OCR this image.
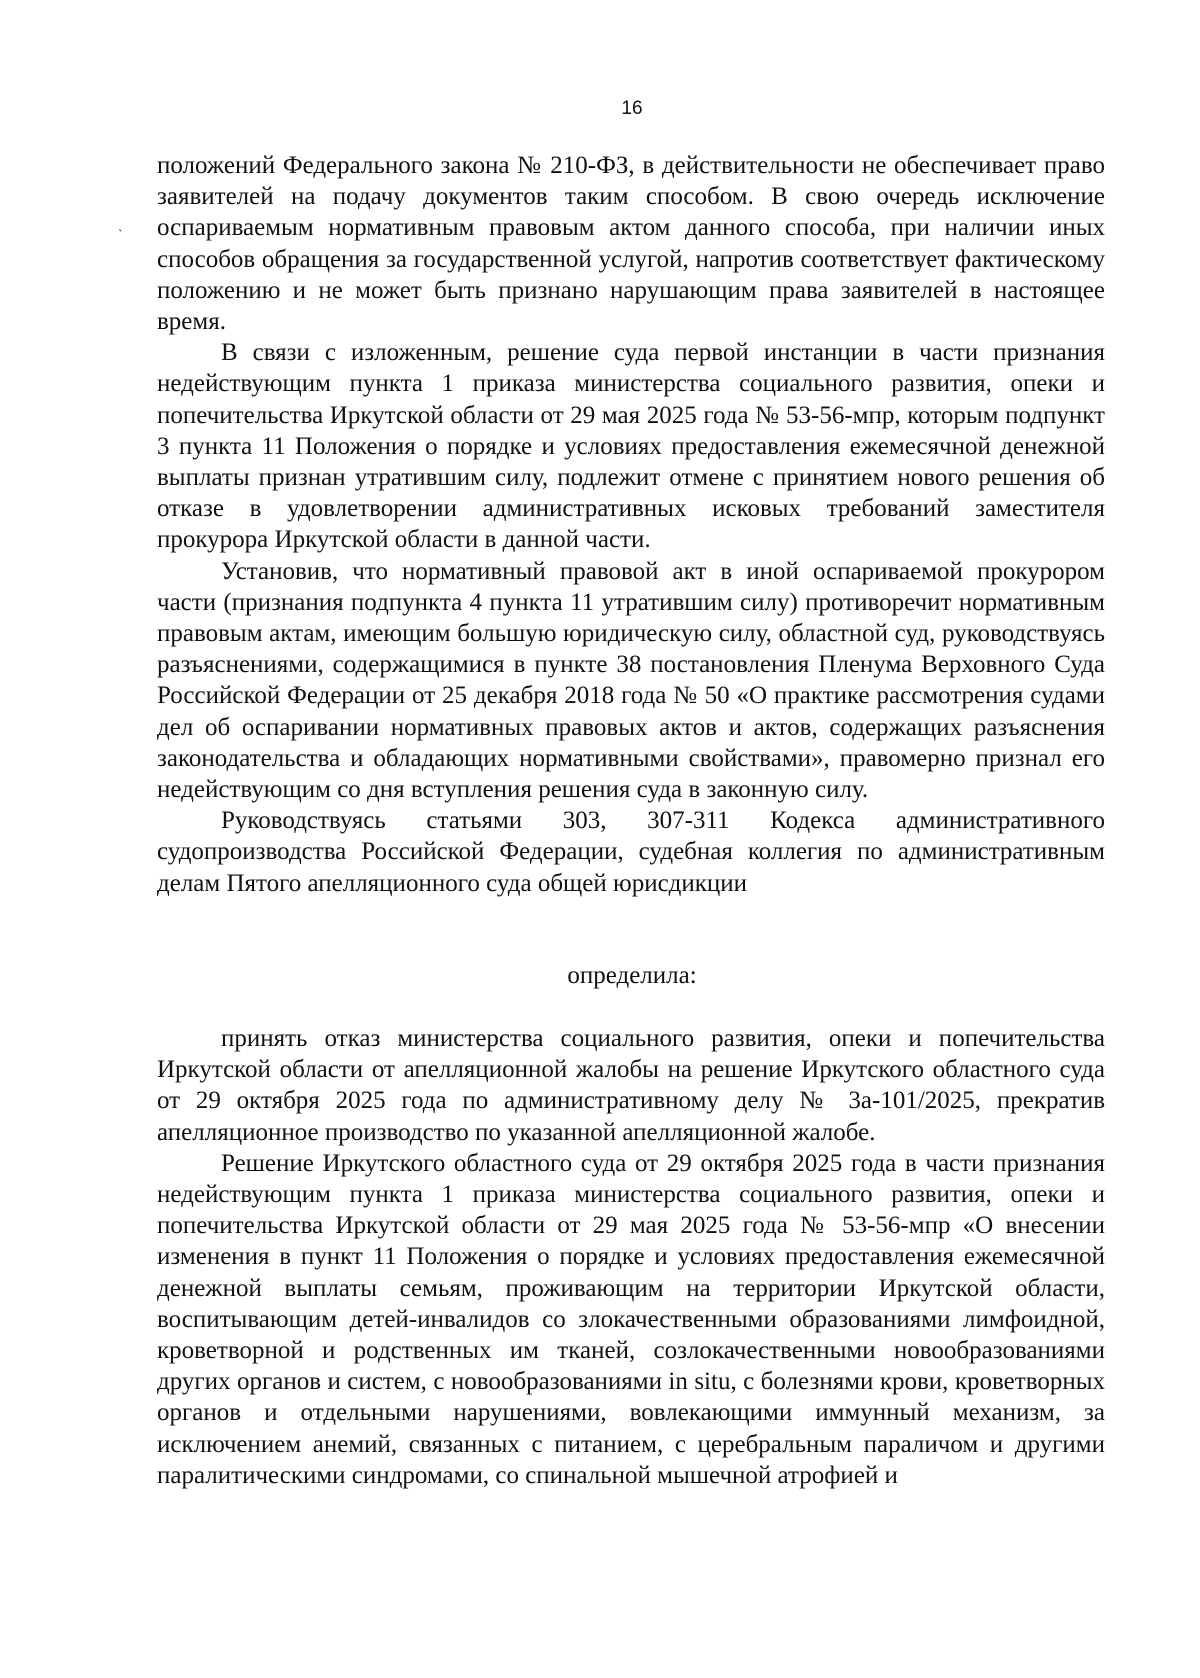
16
`

положений Федерального закона № 210-ФЗ, в действительности не обеспечивает право заявителей на подачу документов таким способом. В свою очередь исключение оспариваемым нормативным правовым актом данного способа, при наличии иных способов обращения за государственной услугой, напротив соответствует фактическому положению и не может быть признано нарушающим права заявителей в настоящее время.

В связи с изложенным, решение суда первой инстанции в части признания недействующим пункта 1 приказа министерства социального развития, опеки и попечительства Иркутской области от 29 мая 2025 года № 53-56-мпр, которым подпункт 3 пункта 11 Положения о порядке и условиях предоставления ежемесячной денежной выплаты признан утратившим силу, подлежит отмене с принятием нового решения об отказе в удовлетворении административных исковых требований заместителя прокурора Иркутской области в данной части.

Установив, что нормативный правовой акт в иной оспариваемой прокурором части (признания подпункта 4 пункта 11 утратившим силу) противоречит нормативным правовым актам, имеющим большую юридическую силу, областной суд, руководствуясь разъяснениями, содержащимися в пункте 38 постановления Пленума Верховного Суда Российской Федерации от 25 декабря 2018 года № 50 «О практике рассмотрения судами дел об оспаривании нормативных правовых актов и актов, содержащих разъяснения законодательства и обладающих нормативными свойствами», правомерно признал его недействующим со дня вступления решения суда в законную силу.

Руководствуясь статьями 303, 307-311 Кодекса административного судопроизводства Российской Федерации, судебная коллегия по административным делам Пятого апелляционного суда общей юрисдикции

определила:

принять отказ министерства социального развития, опеки и попечительства Иркутской области от апелляционной жалобы на решение Иркутского областного суда от 29 октября 2025 года по административному делу № 3а-101/2025, прекратив апелляционное производство по указанной апелляционной жалобе.

Решение Иркутского областного суда от 29 октября 2025 года в части признания недействующим пункта 1 приказа министерства социального развития, опеки и попечительства Иркутской области от 29 мая 2025 года № 53-56-мпр «О внесении изменения в пункт 11 Положения о порядке и условиях предоставления ежемесячной денежной выплаты семьям, проживающим на территории Иркутской области, воспитывающим детей-инвалидов со злокачественными образованиями лимфоидной, кроветворной и родственных им тканей, созлокачественными новообразованиями других органов и систем, с новообразованиями in situ, с болезнями крови, кроветворных органов и отдельными нарушениями, вовлекающими иммунный механизм, за исключением анемий, связанных с питанием, с церебральным параличом и другими паралитическими синдромами, со спинальной мышечной атрофией и
